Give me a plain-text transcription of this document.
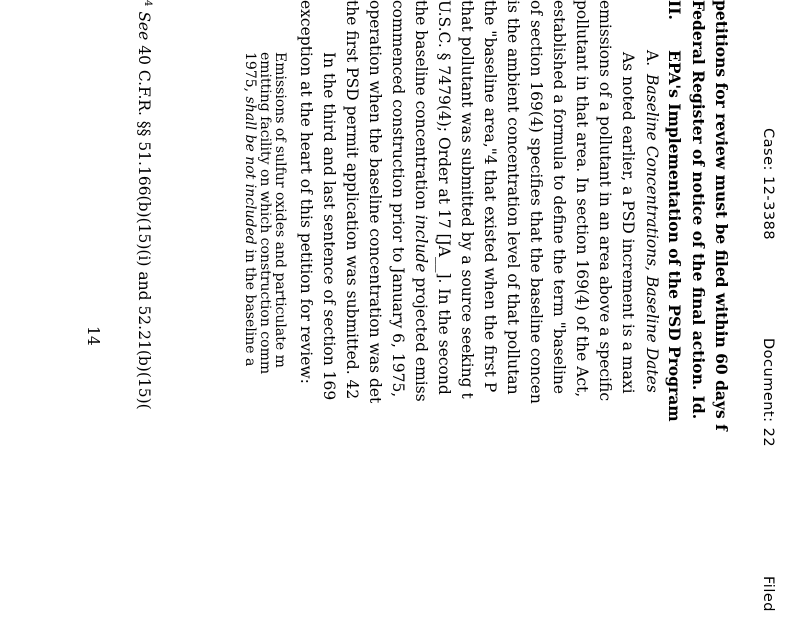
Case: 12-3388
Document: 22
Filed
petitions for review must be filed within 60 days f
Federal Register of notice of the final action. Id.
II.
EPA's Implementation of the PSD Program
A.
Baseline Concentrations, Baseline Dates
As noted earlier, a PSD increment is a maxi
emissions of a pollutant in an area above a specific
pollutant in that area. In section 169(4) of the Act,
established a formula to define the term "baseline
of section 169(4) specifies that the baseline concen
is the ambient concentration level of that pollutan
the "baseline area,"4 that existed when the first P
that pollutant was submitted by a source seeking t
U.S.C. § 7479(4); Order at 17 [JA__]. In the second
the baseline concentration include projected emiss
commenced construction prior to January 6, 1975,
operation when the baseline concentration was det
the first PSD permit application was submitted. 42
In the third and last sentence of section 169
exception at the heart of this petition for review:
Emissions of sulfur oxides and particulate m
emitting facility on which construction comm
1975, shall be not included in the baseline a
$^4$ See 40 C.F.R. §§ 51.166(b)(15)(i) and 52.21(b)(15)(
14
